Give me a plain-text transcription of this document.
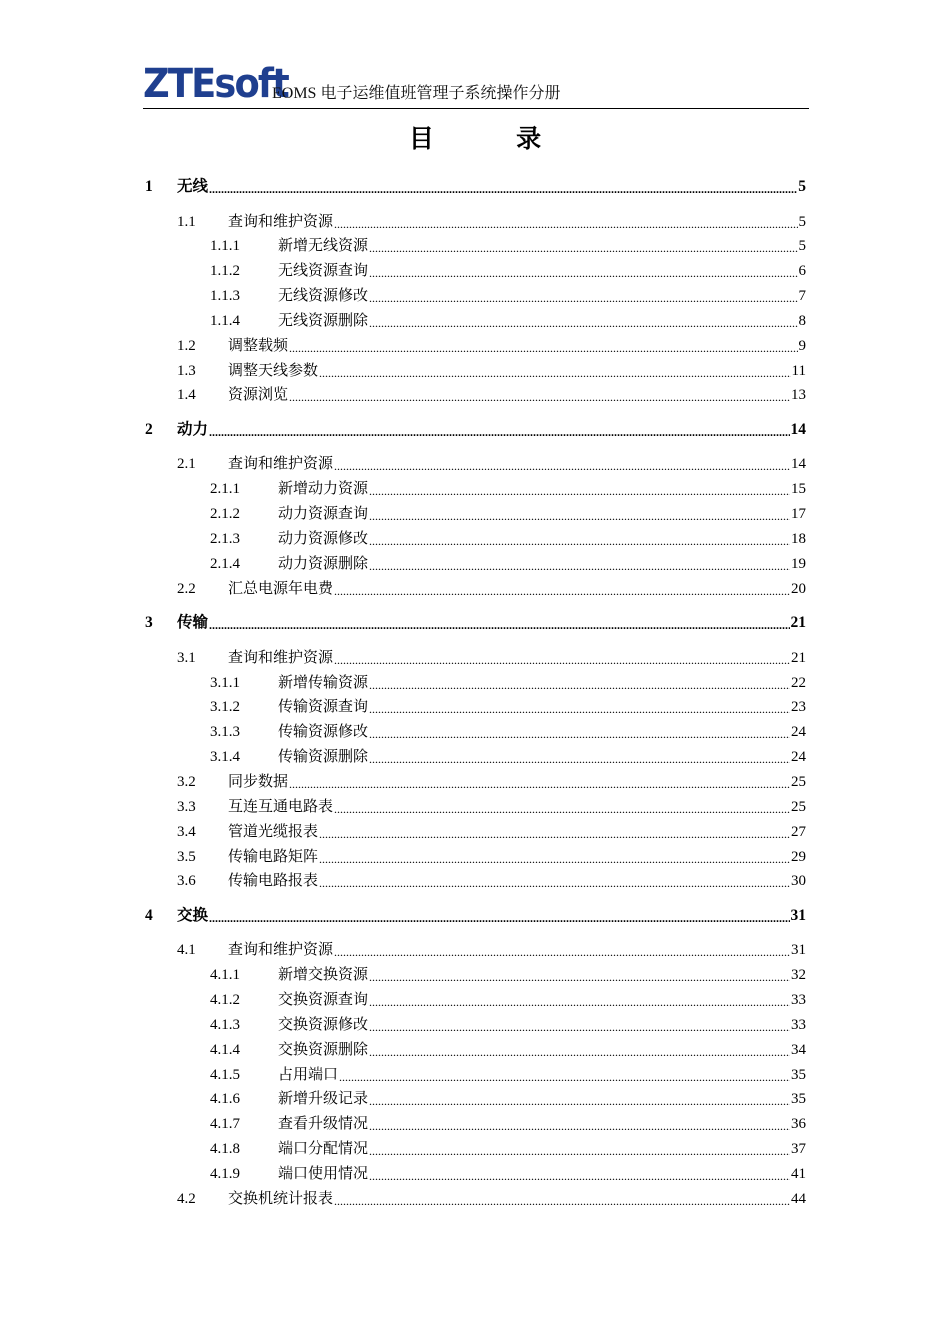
ZTEsoft
EOMS 电子运维值班管理子系统操作分册
目 录
1	无线 .....	5
1.1	查询和维护资源 .....	5
1.1.1	新增无线资源 .....	5
1.1.2	无线资源查询 .....	6
1.1.3	无线资源修改 .....	7
1.1.4	无线资源删除 .....	8
1.2	调整载频 .....	9
1.3	调整天线参数 .....	11
1.4	资源浏览 .....	13
2	动力 .....	14
2.1	查询和维护资源 .....	14
2.1.1	新增动力资源 .....	15
2.1.2	动力资源查询 .....	17
2.1.3	动力资源修改 .....	18
2.1.4	动力资源删除 .....	19
2.2	汇总电源年电费 .....	20
3	传输 .....	21
3.1	查询和维护资源 .....	21
3.1.1	新增传输资源 .....	22
3.1.2	传输资源查询 .....	23
3.1.3	传输资源修改 .....	24
3.1.4	传输资源删除 .....	24
3.2	同步数据 .....	25
3.3	互连互通电路表 .....	25
3.4	管道光缆报表 .....	27
3.5	传输电路矩阵 .....	29
3.6	传输电路报表 .....	30
4	交换 .....	31
4.1	查询和维护资源 .....	31
4.1.1	新增交换资源 .....	32
4.1.2	交换资源查询 .....	33
4.1.3	交换资源修改 .....	33
4.1.4	交换资源删除 .....	34
4.1.5	占用端口 .....	35
4.1.6	新增升级记录 .....	35
4.1.7	查看升级情况 .....	36
4.1.8	端口分配情况 .....	37
4.1.9	端口使用情况 .....	41
4.2	交换机统计报表 .....	44
